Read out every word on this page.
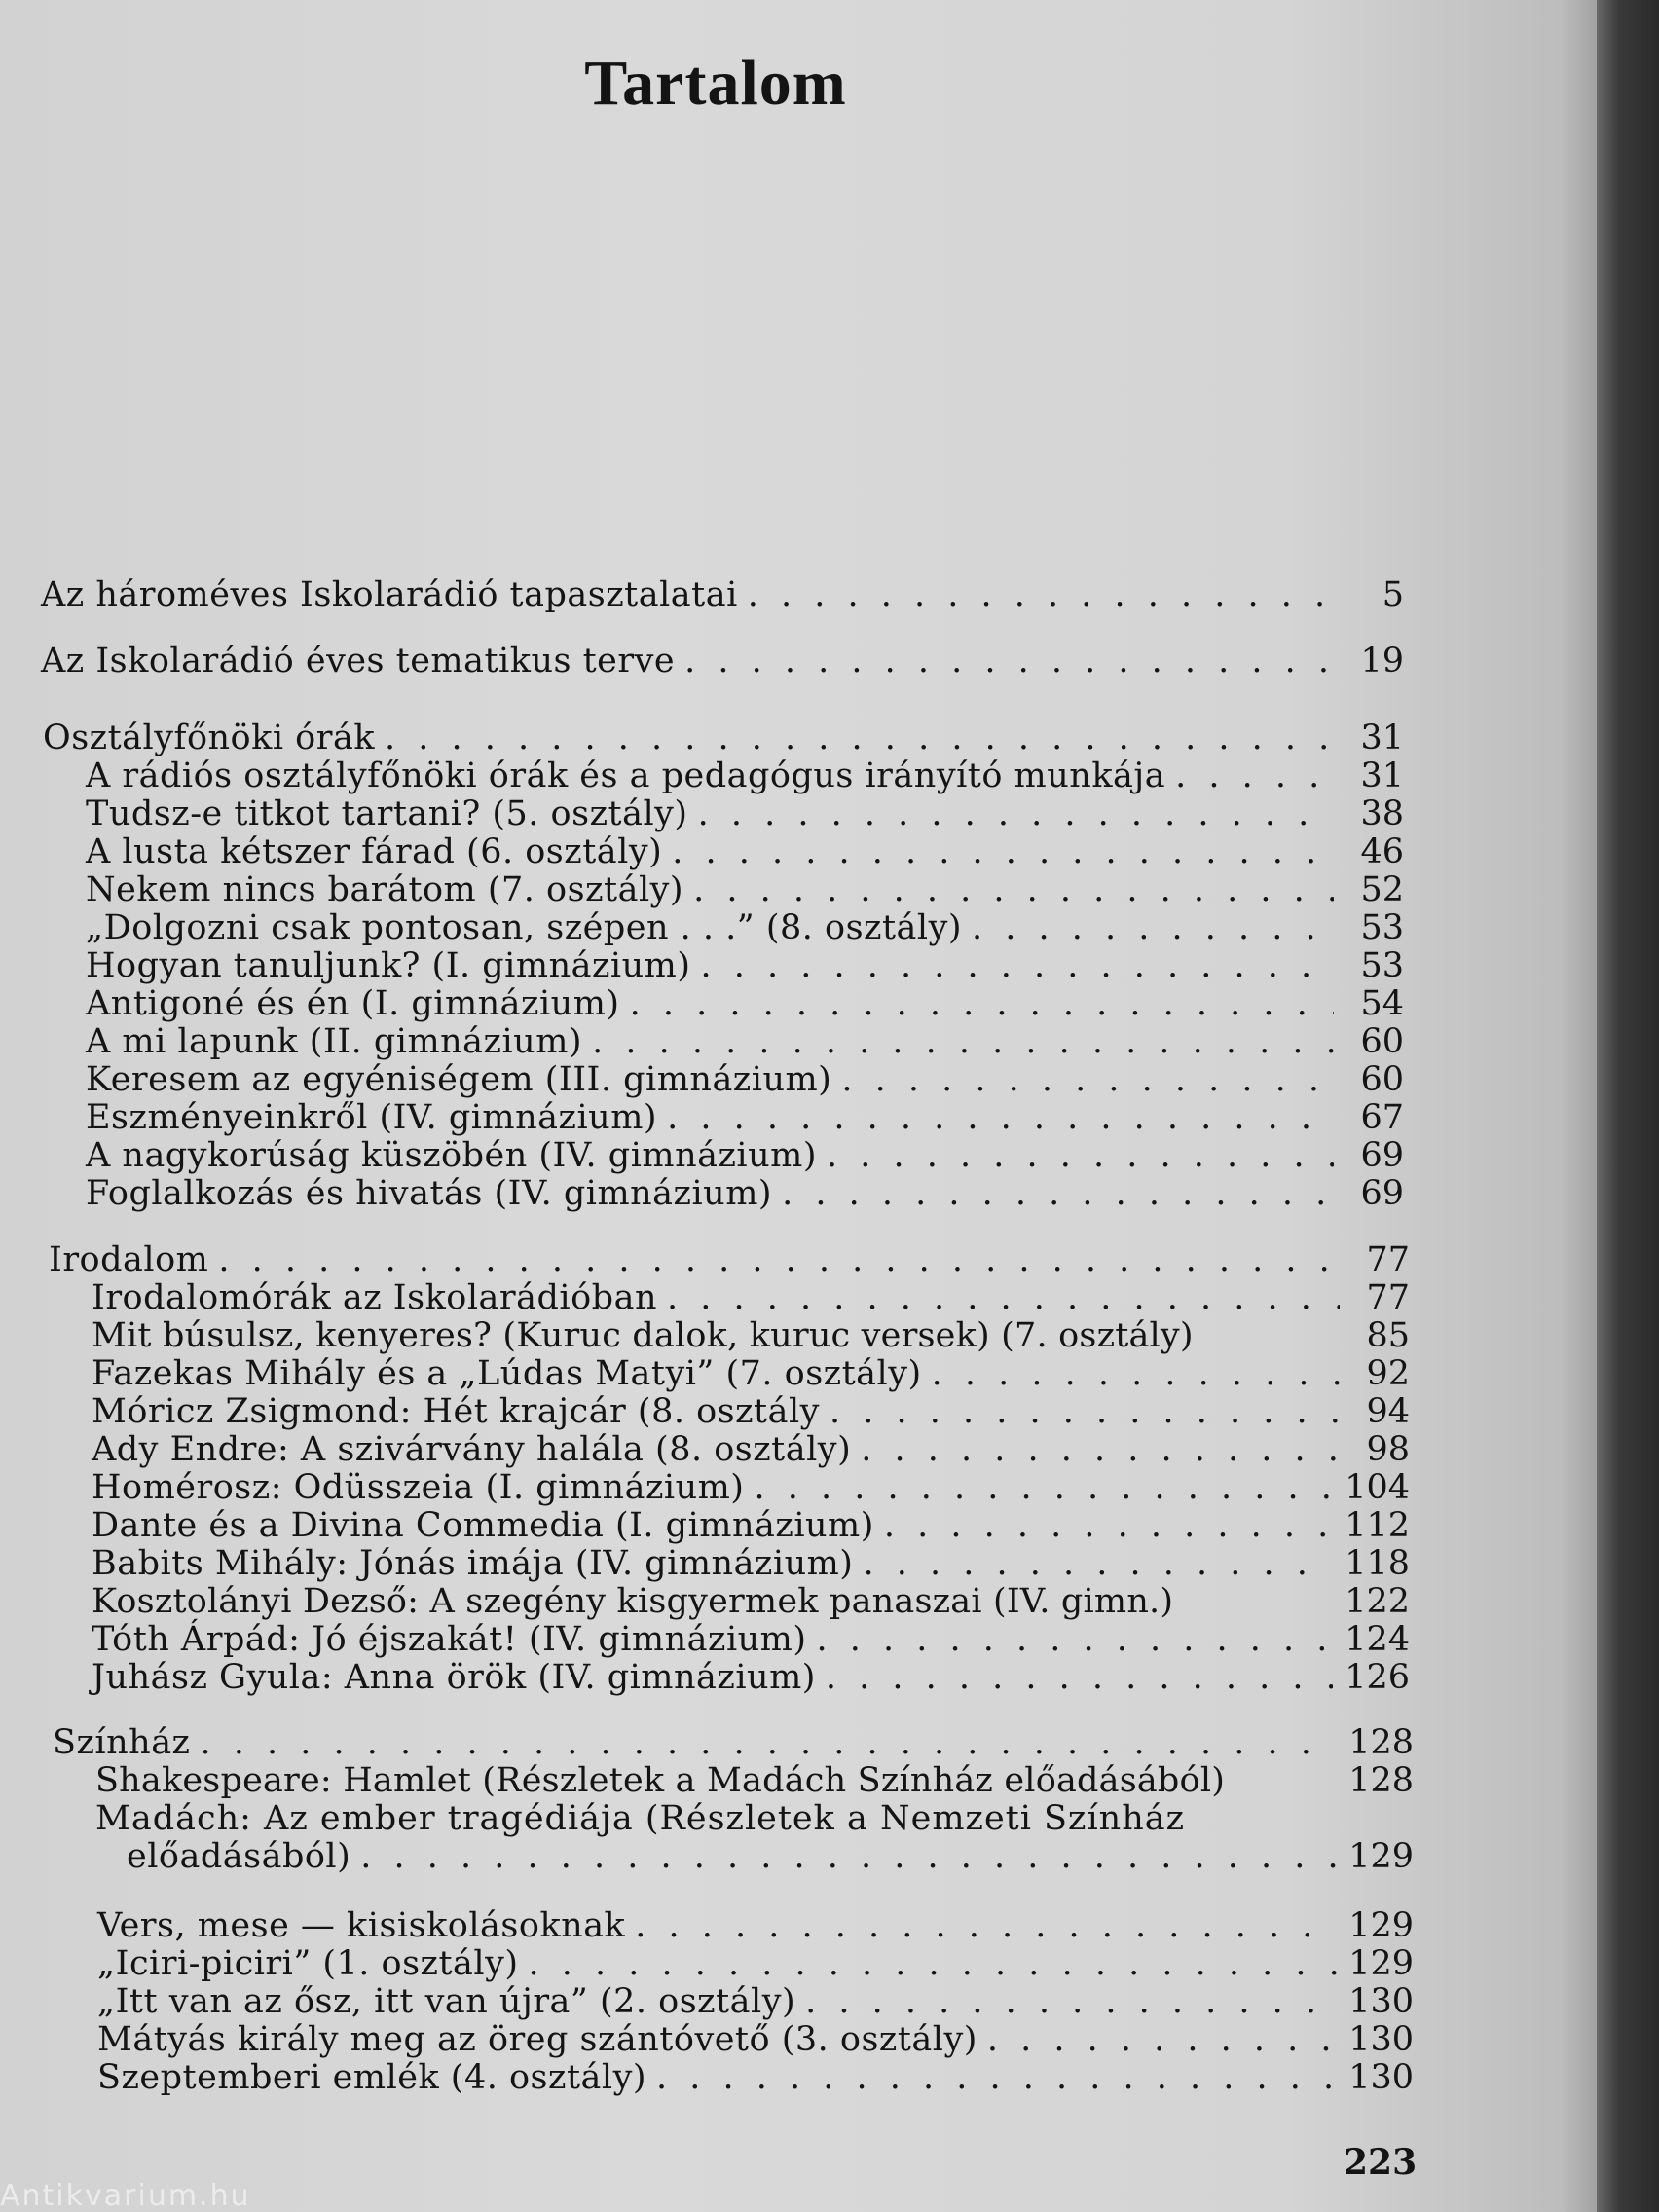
Tartalom
Az hároméves Iskolarádió tapasztalatai . . .	5
Az Iskolarádió éves tematikus terve . . .	19
Osztályfőnöki órák . . .	31
A rádiós osztályfőnöki órák és a pedagógus irányító munkája . . .	31
Tudsz-e titkot tartani? (5. osztály) . . .	38
A lusta kétszer fárad (6. osztály) . . .	46
Nekem nincs barátom (7. osztály) . . .	52
„Dolgozni csak pontosan, szépen . . .” (8. osztály) . . .	53
Hogyan tanuljunk? (I. gimnázium) . . .	53
Antigoné és én (I. gimnázium) . . .	54
A mi lapunk (II. gimnázium) . . .	60
Keresem az egyéniségem (III. gimnázium) . . .	60
Eszményeinkről (IV. gimnázium) . . .	67
A nagykorúság küszöbén (IV. gimnázium) . . .	69
Foglalkozás és hivatás (IV. gimnázium) . . .	69
Irodalom . . .	77
Irodalomórák az Iskolarádióban . . .	77
Mit búsulsz, kenyeres? (Kuruc dalok, kuruc versek) (7. osztály)	85
Fazekas Mihály és a „Lúdas Matyi” (7. osztály) . . .	92
Móricz Zsigmond: Hét krajcár (8. osztály . . .	94
Ady Endre: A szivárvány halála (8. osztály) . . .	98
Homérosz: Odüsszeia (I. gimnázium) . . .	104
Dante és a Divina Commedia (I. gimnázium) . . .	112
Babits Mihály: Jónás imája (IV. gimnázium) . . .	118
Kosztolányi Dezső: A szegény kisgyermek panaszai (IV. gimn.)	122
Tóth Árpád: Jó éjszakát! (IV. gimnázium) . . .	124
Juhász Gyula: Anna örök (IV. gimnázium) . . .	126
Színház . . .	128
Shakespeare: Hamlet (Részletek a Madách Színház előadásából)	128
Madách: Az ember tragédiája (Részletek a Nemzeti Színház
előadásából) . . .	129
Vers, mese — kisiskolásoknak . . .	129
„Iciri-piciri” (1. osztály) . . .	129
„Itt van az ősz, itt van újra” (2. osztály) . . .	130
Mátyás király meg az öreg szántóvető (3. osztály) . . .	130
Szeptemberi emlék (4. osztály) . . .	130
223
Antikvarium.hu
